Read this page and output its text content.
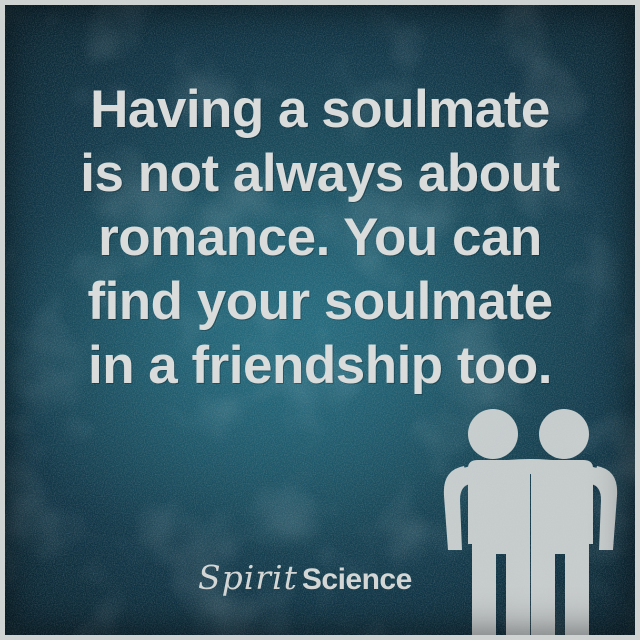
Having a soulmate
is not always about
romance. You can
find your soulmate
in a friendship too.

Spirit Science
